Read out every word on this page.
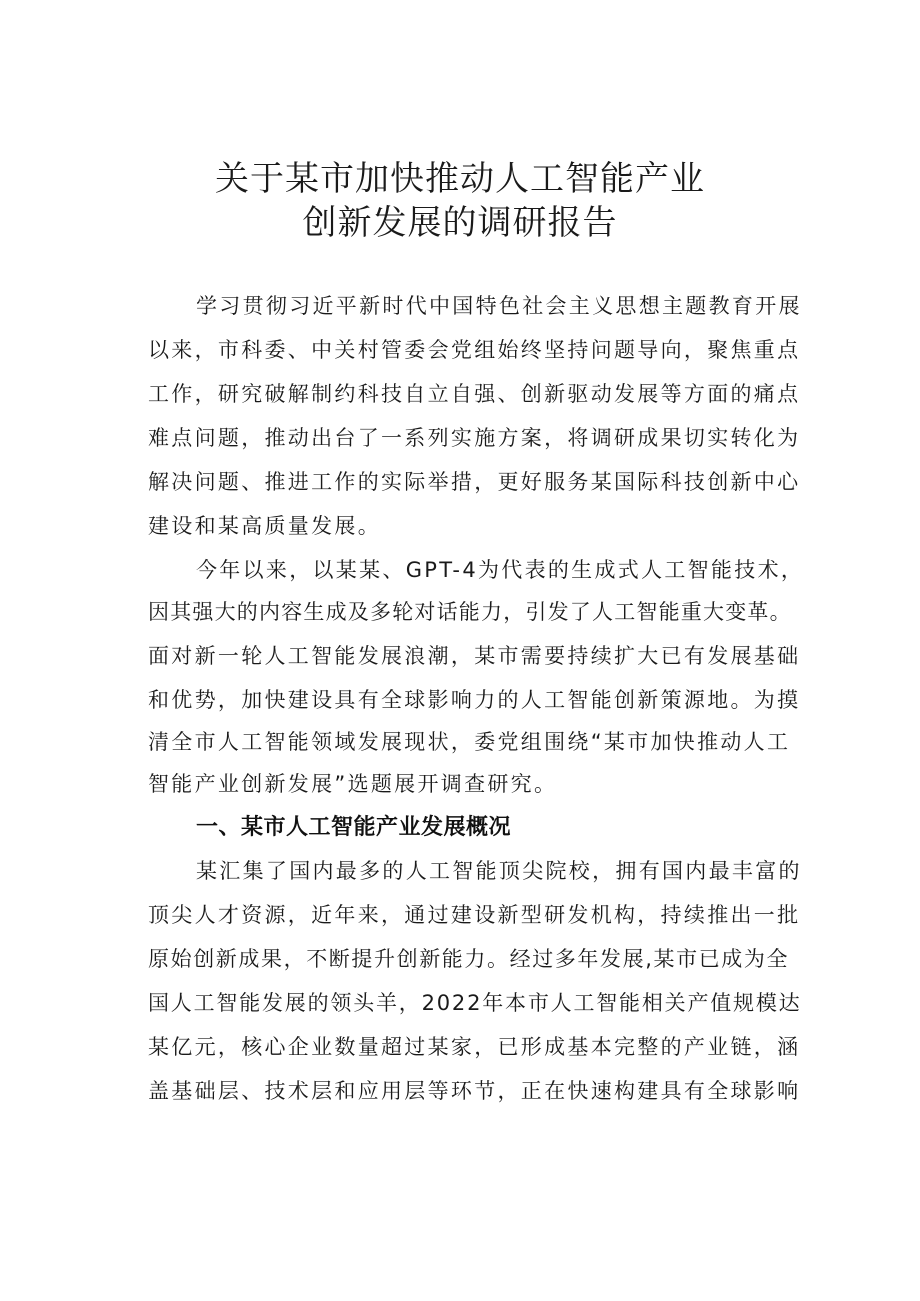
关于某市加快推动人工智能产业
创新发展的调研报告
学习贯彻习近平新时代中国特色社会主义思想主题教育开展
以来，市科委、中关村管委会党组始终坚持问题导向，聚焦重点
工作，研究破解制约科技自立自强、创新驱动发展等方面的痛点
难点问题，推动出台了一系列实施方案，将调研成果切实转化为
解决问题、推进工作的实际举措，更好服务某国际科技创新中心
建设和某高质量发展。
今年以来，以某某、GPT-4为代表的生成式人工智能技术，
因其强大的内容生成及多轮对话能力，引发了人工智能重大变革。
面对新一轮人工智能发展浪潮，某市需要持续扩大已有发展基础
和优势，加快建设具有全球影响力的人工智能创新策源地。为摸
清全市人工智能领域发展现状，委党组围绕“某市加快推动人工
智能产业创新发展”选题展开调查研究。
一、某市人工智能产业发展概况
某汇集了国内最多的人工智能顶尖院校，拥有国内最丰富的
顶尖人才资源，近年来，通过建设新型研发机构，持续推出一批
原始创新成果，不断提升创新能力。经过多年发展,某市已成为全
国人工智能发展的领头羊，2022年本市人工智能相关产值规模达
某亿元，核心企业数量超过某家，已形成基本完整的产业链，涵
盖基础层、技术层和应用层等环节，正在快速构建具有全球影响
